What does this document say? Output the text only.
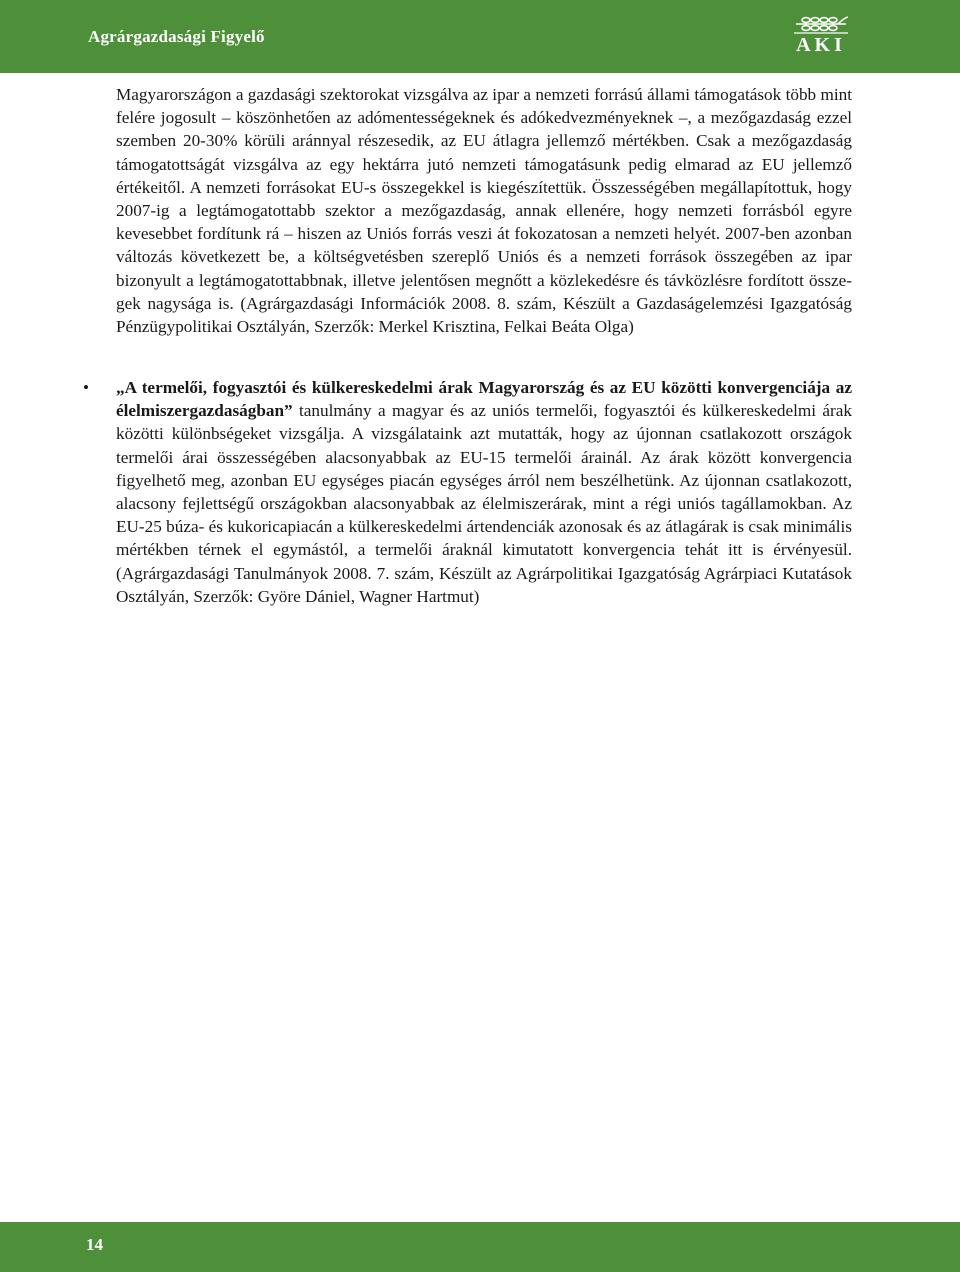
Agrárgazdasági Figyelő	AKI
Magyarországon a gazdasági szektorokat vizsgálva az ipar a nemzeti forrású állami támogatások több mint felére jogosult – köszönhetően az adómentességeknek és adókedvezményeknek –, a mezőgazdaság ezzel szemben 20-30% körüli aránnyal részesedik, az EU átlagra jellemző mértékben. Csak a mezőgazdaság támogatottságát vizsgálva az egy hektárra jutó nemzeti támogatásunk pedig elmarad az EU jellemző értékeitől. A nemzeti forrásokat EU-s összegekkel is kiegészítettük. Összességében megállapítottuk, hogy 2007-ig a legtámogatottabb szektor a mezőgazdaság, annak ellenére, hogy nemzeti forrásból egyre kevesebbet fordítunk rá – hiszen az Uniós forrás veszi át fokozatosan a nemzeti helyét. 2007-ben azonban változás következett be, a költségvetésben szereplő Uniós és a nemzeti források összegében az ipar bizonyult a legtámogatottabbnak, illetve jelentősen megnőtt a közlekedésre és távközlésre fordított összegek nagysága is. (Agrárgazdasági Információk 2008. 8. szám, Készült a Gazdaságelemzési Igazgatóság Pénzügypolitikai Osztályán, Szerzők: Merkel Krisztina, Felkai Beáta Olga)
• „A termelői, fogyasztói és külkereskedelmi árak Magyarország és az EU közötti konvergenciája az élelmiszergazdaságban” tanulmány a magyar és az uniós termelői, fogyasztói és külkereskedelmi árak közötti különbségeket vizsgálja. A vizsgálataink azt mutatták, hogy az újonnan csatlakozott országok termelői árai összességében alacsonyabbak az EU-15 termelői árainál. Az árak között konvergencia figyelhető meg, azonban EU egységes piacán egységes árról nem beszélhetünk. Az újonnan csatlakozott, alacsony fejlettségű országokban alacsonyabbak az élelmiszerárak, mint a régi uniós tagállamokban. Az EU-25 búza- és kukoricapiacán a külkereskedelmi ártendenciák azonosak és az átlagárak is csak minimális mértékben térnek el egymástól, a termelői áraknál kimutatott konvergencia tehát itt is érvényesül. (Agrárgazdasági Tanulmányok 2008. 7. szám, Készült az Agrárpolitikai Igazgatóság Agrárpiaci Kutatások Osztályán, Szerzők: Györe Dániel, Wagner Hartmut)
14
